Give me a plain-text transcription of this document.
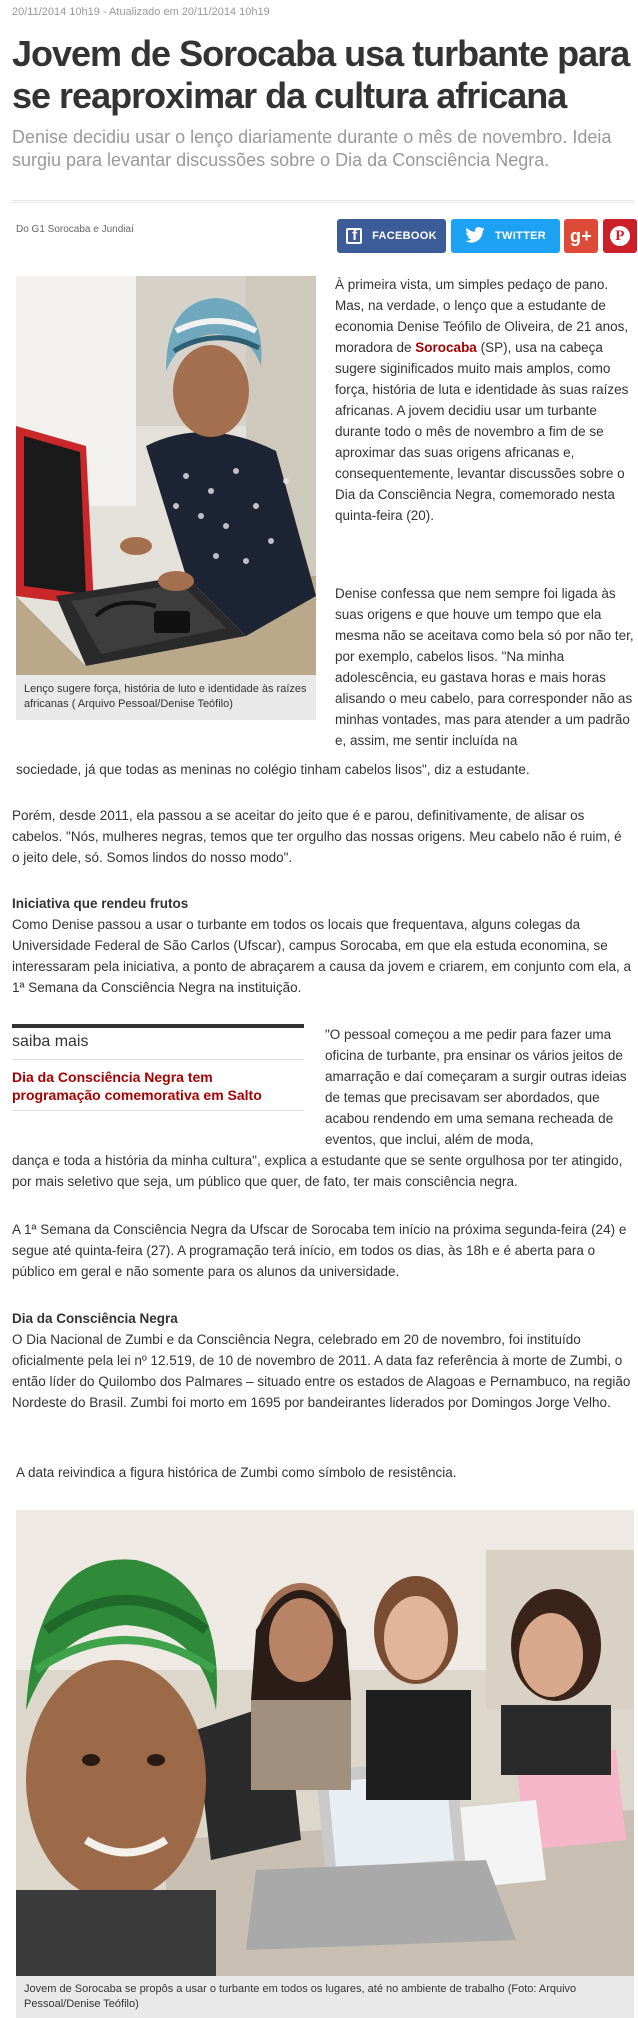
20/11/2014 10h19 - Atualizado em 20/11/2014 10h19
Jovem de Sorocaba usa turbante para se reaproximar da cultura africana
Denise decidiu usar o lenço diariamente durante o mês de novembro. Ideia surgiu para levantar discussões sobre o Dia da Consciência Negra.
Do G1 Sorocaba e Jundiaí
f
FACEBOOK	TWITTER g+	P
Lenço sugere força, história de luto e identidade às raízes africanas ( Arquivo Pessoal/Denise Teófilo)

À primeira vista, um simples pedaço de pano. Mas, na verdade, o lenço que a estudante de economia Denise Teófilo de Oliveira, de 21 anos, moradora de Sorocaba (SP), usa na cabeça sugere siginificados muito mais amplos, como força, história de luta e identidade às suas raízes africanas. A jovem decidiu usar um turbante durante todo o mês de novembro a fim de se aproximar das suas origens africanas e, consequentemente, levantar discussões sobre o Dia da Consciência Negra, comemorado nesta quinta-feira (20).

Denise confessa que nem sempre foi ligada às suas origens e que houve um tempo que ela mesma não se aceitava como bela só por não ter, por exemplo, cabelos lisos. "Na minha adolescência, eu gastava horas e mais horas alisando o meu cabelo, para corresponder não as minhas vontades, mas para atender a um padrão e, assim, me sentir incluída na

sociedade, já que todas as meninas no colégio tinham cabelos lisos", diz a estudante.

Porém, desde 2011, ela passou a se aceitar do jeito que é e parou, definitivamente, de alisar os cabelos. "Nós, mulheres negras, temos que ter orgulho das nossas origens. Meu cabelo não é ruim, é o jeito dele, só. Somos lindos do nosso modo".

Iniciativa que rendeu frutos

Como Denise passou a usar o turbante em todos os locais que frequentava, alguns colegas da Universidade Federal de São Carlos (Ufscar), campus Sorocaba, em que ela estuda economina, se interessaram pela iniciativa, a ponto de abraçarem a causa da jovem e criarem, em conjunto com ela, a 1ª Semana da Consciência Negra na instituição.

saiba mais
Dia da Consciência Negra tem programação comemorativa em Salto

"O pessoal começou a me pedir para fazer uma oficina de turbante, pra ensinar os vários jeitos de amarração e daí começaram a surgir outras ideias de temas que precisavam ser abordados, que acabou rendendo em uma semana recheada de eventos, que inclui, além de moda,

dança e toda a história da minha cultura", explica a estudante que se sente orgulhosa por ter atingido, por mais seletivo que seja, um público que quer, de fato, ter mais consciência negra.

A 1ª Semana da Consciência Negra da Ufscar de Sorocaba tem início na próxima segunda-feira (24) e segue até quinta-feira (27). A programação terá início, em todos os dias, às 18h e é aberta para o público em geral e não somente para os alunos da universidade.

Dia da Consciência Negra

O Dia Nacional de Zumbi e da Consciência Negra, celebrado em 20 de novembro, foi instituído oficialmente pela lei nº 12.519, de 10 de novembro de 2011. A data faz referência à morte de Zumbi, o então líder do Quilombo dos Palmares – situado entre os estados de Alagoas e Pernambuco, na região Nordeste do Brasil. Zumbi foi morto em 1695 por bandeirantes liderados por Domingos Jorge Velho.

A data reivindica a figura histórica de Zumbi como símbolo de resistência.

Jovem de Sorocaba se propôs a usar o turbante em todos os lugares, até no ambiente de trabalho (Foto: Arquivo Pessoal/Denise Teófilo)
